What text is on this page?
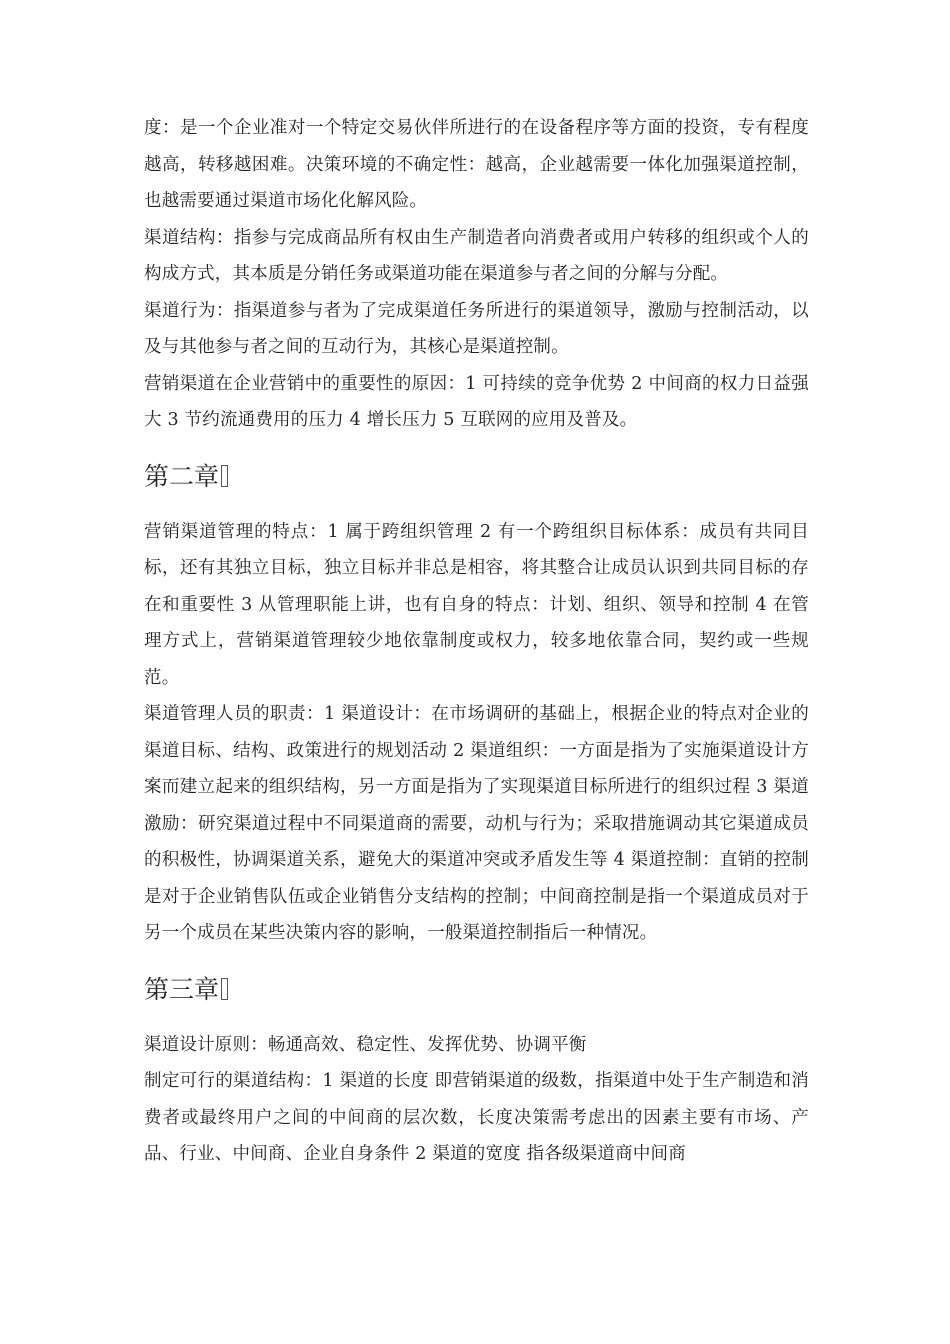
度：是一个企业准对一个特定交易伙伴所进行的在设备程序等方面的投资，专有程度越高，转移越困难。决策环境的不确定性：越高，企业越需要一体化加强渠道控制，也越需要通过渠道市场化化解风险。

渠道结构：指参与完成商品所有权由生产制造者向消费者或用户转移的组织或个人的构成方式，其本质是分销任务或渠道功能在渠道参与者之间的分解与分配。

渠道行为：指渠道参与者为了完成渠道任务所进行的渠道领导，激励与控制活动，以及与其他参与者之间的互动行为，其核心是渠道控制。

营销渠道在企业营销中的重要性的原因：1 可持续的竞争优势 2 中间商的权力日益强大 3 节约流通费用的压力 4 增长压力 5 互联网的应用及普及。

第二章

营销渠道管理的特点：1 属于跨组织管理 2 有一个跨组织目标体系：成员有共同目标，还有其独立目标，独立目标并非总是相容，将其整合让成员认识到共同目标的存在和重要性 3 从管理职能上讲，也有自身的特点：计划、组织、领导和控制 4 在管理方式上，营销渠道管理较少地依靠制度或权力，较多地依靠合同，契约或一些规范。

渠道管理人员的职责：1 渠道设计：在市场调研的基础上，根据企业的特点对企业的渠道目标、结构、政策进行的规划活动 2 渠道组织：一方面是指为了实施渠道设计方案而建立起来的组织结构，另一方面是指为了实现渠道目标所进行的组织过程 3 渠道激励：研究渠道过程中不同渠道商的需要，动机与行为；采取措施调动其它渠道成员的积极性，协调渠道关系，避免大的渠道冲突或矛盾发生等 4 渠道控制：直销的控制是对于企业销售队伍或企业销售分支结构的控制；中间商控制是指一个渠道成员对于另一个成员在某些决策内容的影响，一般渠道控制指后一种情况。

第三章

渠道设计原则：畅通高效、稳定性、发挥优势、协调平衡

制定可行的渠道结构：1 渠道的长度 即营销渠道的级数，指渠道中处于生产制造和消费者或最终用户之间的中间商的层次数，长度决策需考虑出的因素主要有市场、产品、行业、中间商、企业自身条件 2 渠道的宽度 指各级渠道商中间商
